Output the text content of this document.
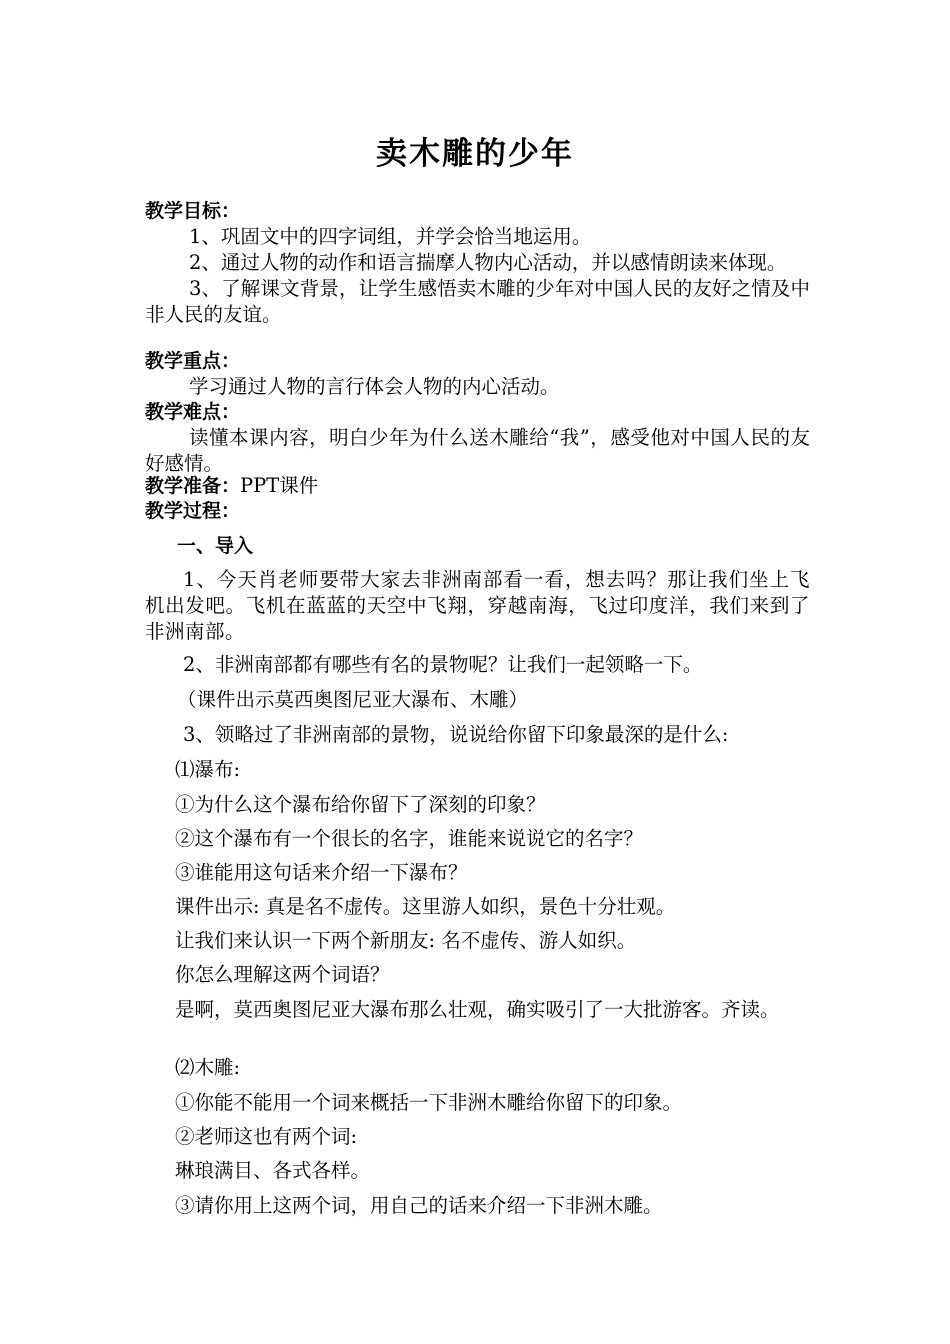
卖木雕的少年
教学目标：
1、巩固文中的四字词组，并学会恰当地运用。
2、通过人物的动作和语言揣摩人物内心活动，并以感情朗读来体现。
3、了解课文背景，让学生感悟卖木雕的少年对中国人民的友好之情及中非人民的友谊。
教学重点：
学习通过人物的言行体会人物的内心活动。
教学难点：
读懂本课内容，明白少年为什么送木雕给“我”，感受他对中国人民的友好感情。
教学准备：PPT课件
教学过程：
一、导入
1、今天肖老师要带大家去非洲南部看一看，想去吗？那让我们坐上飞机出发吧。飞机在蓝蓝的天空中飞翔，穿越南海，飞过印度洋，我们来到了非洲南部。
2、非洲南部都有哪些有名的景物呢？让我们一起领略一下。
（课件出示莫西奥图尼亚大瀑布、木雕）
3、领略过了非洲南部的景物，说说给你留下印象最深的是什么:
⑴瀑布:
①为什么这个瀑布给你留下了深刻的印象？
②这个瀑布有一个很长的名字，谁能来说说它的名字？
③谁能用这句话来介绍一下瀑布？
课件出示: 真是名不虚传。这里游人如织，景色十分壮观。
让我们来认识一下两个新朋友: 名不虚传、游人如织。
你怎么理解这两个词语？
是啊，莫西奥图尼亚大瀑布那么壮观，确实吸引了一大批游客。齐读。
⑵木雕:
①你能不能用一个词来概括一下非洲木雕给你留下的印象。
②老师这也有两个词:
琳琅满目、各式各样。
③请你用上这两个词，用自己的话来介绍一下非洲木雕。
